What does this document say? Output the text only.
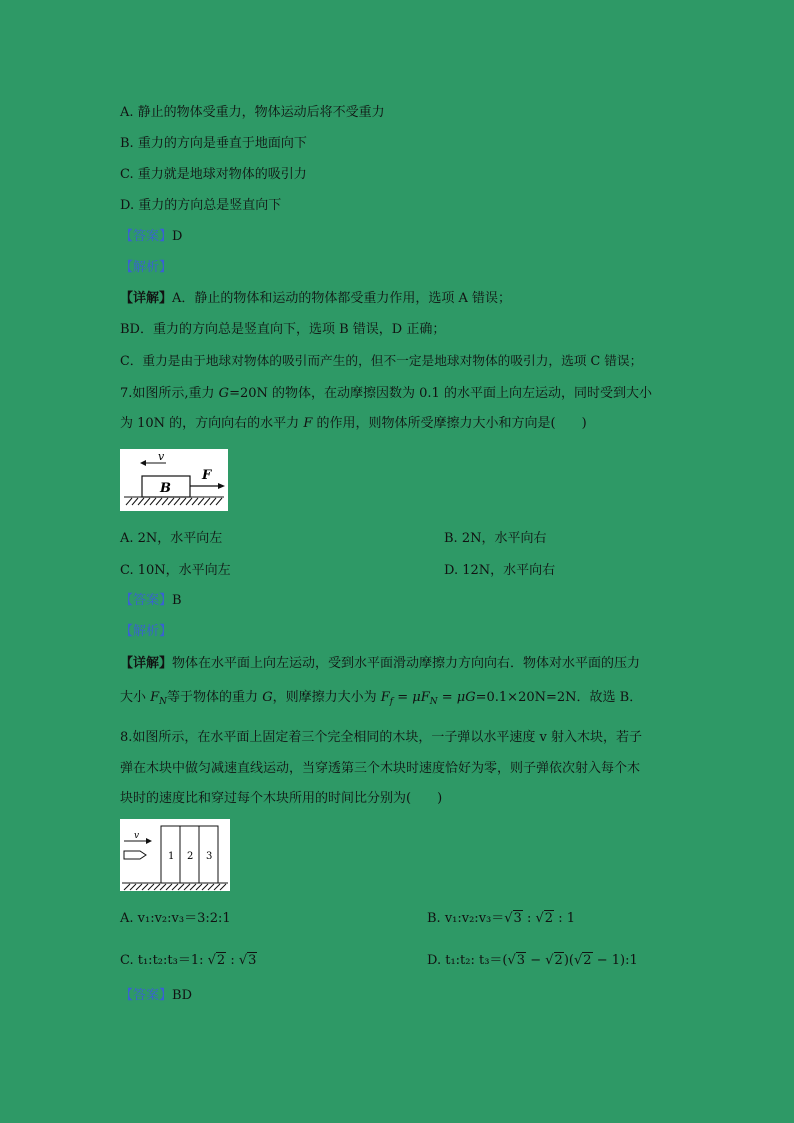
A. 静止的物体受重力，物体运动后将不受重力
B. 重力的方向是垂直于地面向下
C. 重力就是地球对物体的吸引力
D. 重力的方向总是竖直向下
【答案】D
【解析】
【详解】A．静止的物体和运动的物体都受重力作用，选项 A 错误；
BD．重力的方向总是竖直向下，选项 B 错误，D 正确；
C．重力是由于地球对物体的吸引而产生的，但不一定是地球对物体的吸引力，选项 C 错误；
7.如图所示,重力 G=20N 的物体，在动摩擦因数为 0.1 的水平面上向左运动，同时受到大小
为 10N 的，方向向右的水平力 F 的作用，则物体所受摩擦力大小和方向是(　　)
B
v
F
A. 2N，水平向左	B. 2N，水平向右
C. 10N，水平向左	D. 12N，水平向右
【答案】B
【解析】
【详解】物体在水平面上向左运动，受到水平面滑动摩擦力方向向右．物体对水平面的压力
大小 $F_N$等于物体的重力 G，则摩擦力大小为 $F_f = \mu F_N = \mu G=0.1\times 20N=2N$．故选 B．
8.如图所示，在水平面上固定着三个完全相同的木块，一子弹以水平速度 v 射入木块，若子
弹在木块中做匀减速直线运动，当穿透第三个木块时速度恰好为零，则子弹依次射入每个木
块时的速度比和穿过每个木块所用的时间比分别为(　　)
1 2 3
v
A. v₁:v₂:v₃＝3:2:1	B. v₁:v₂:v₃＝√3 : √2 : 1
C. t₁:t₂:t₃＝1: √2 : √3	D. t₁:t₂: t₃＝(√3 − √2)(√2 − 1):1
【答案】BD
